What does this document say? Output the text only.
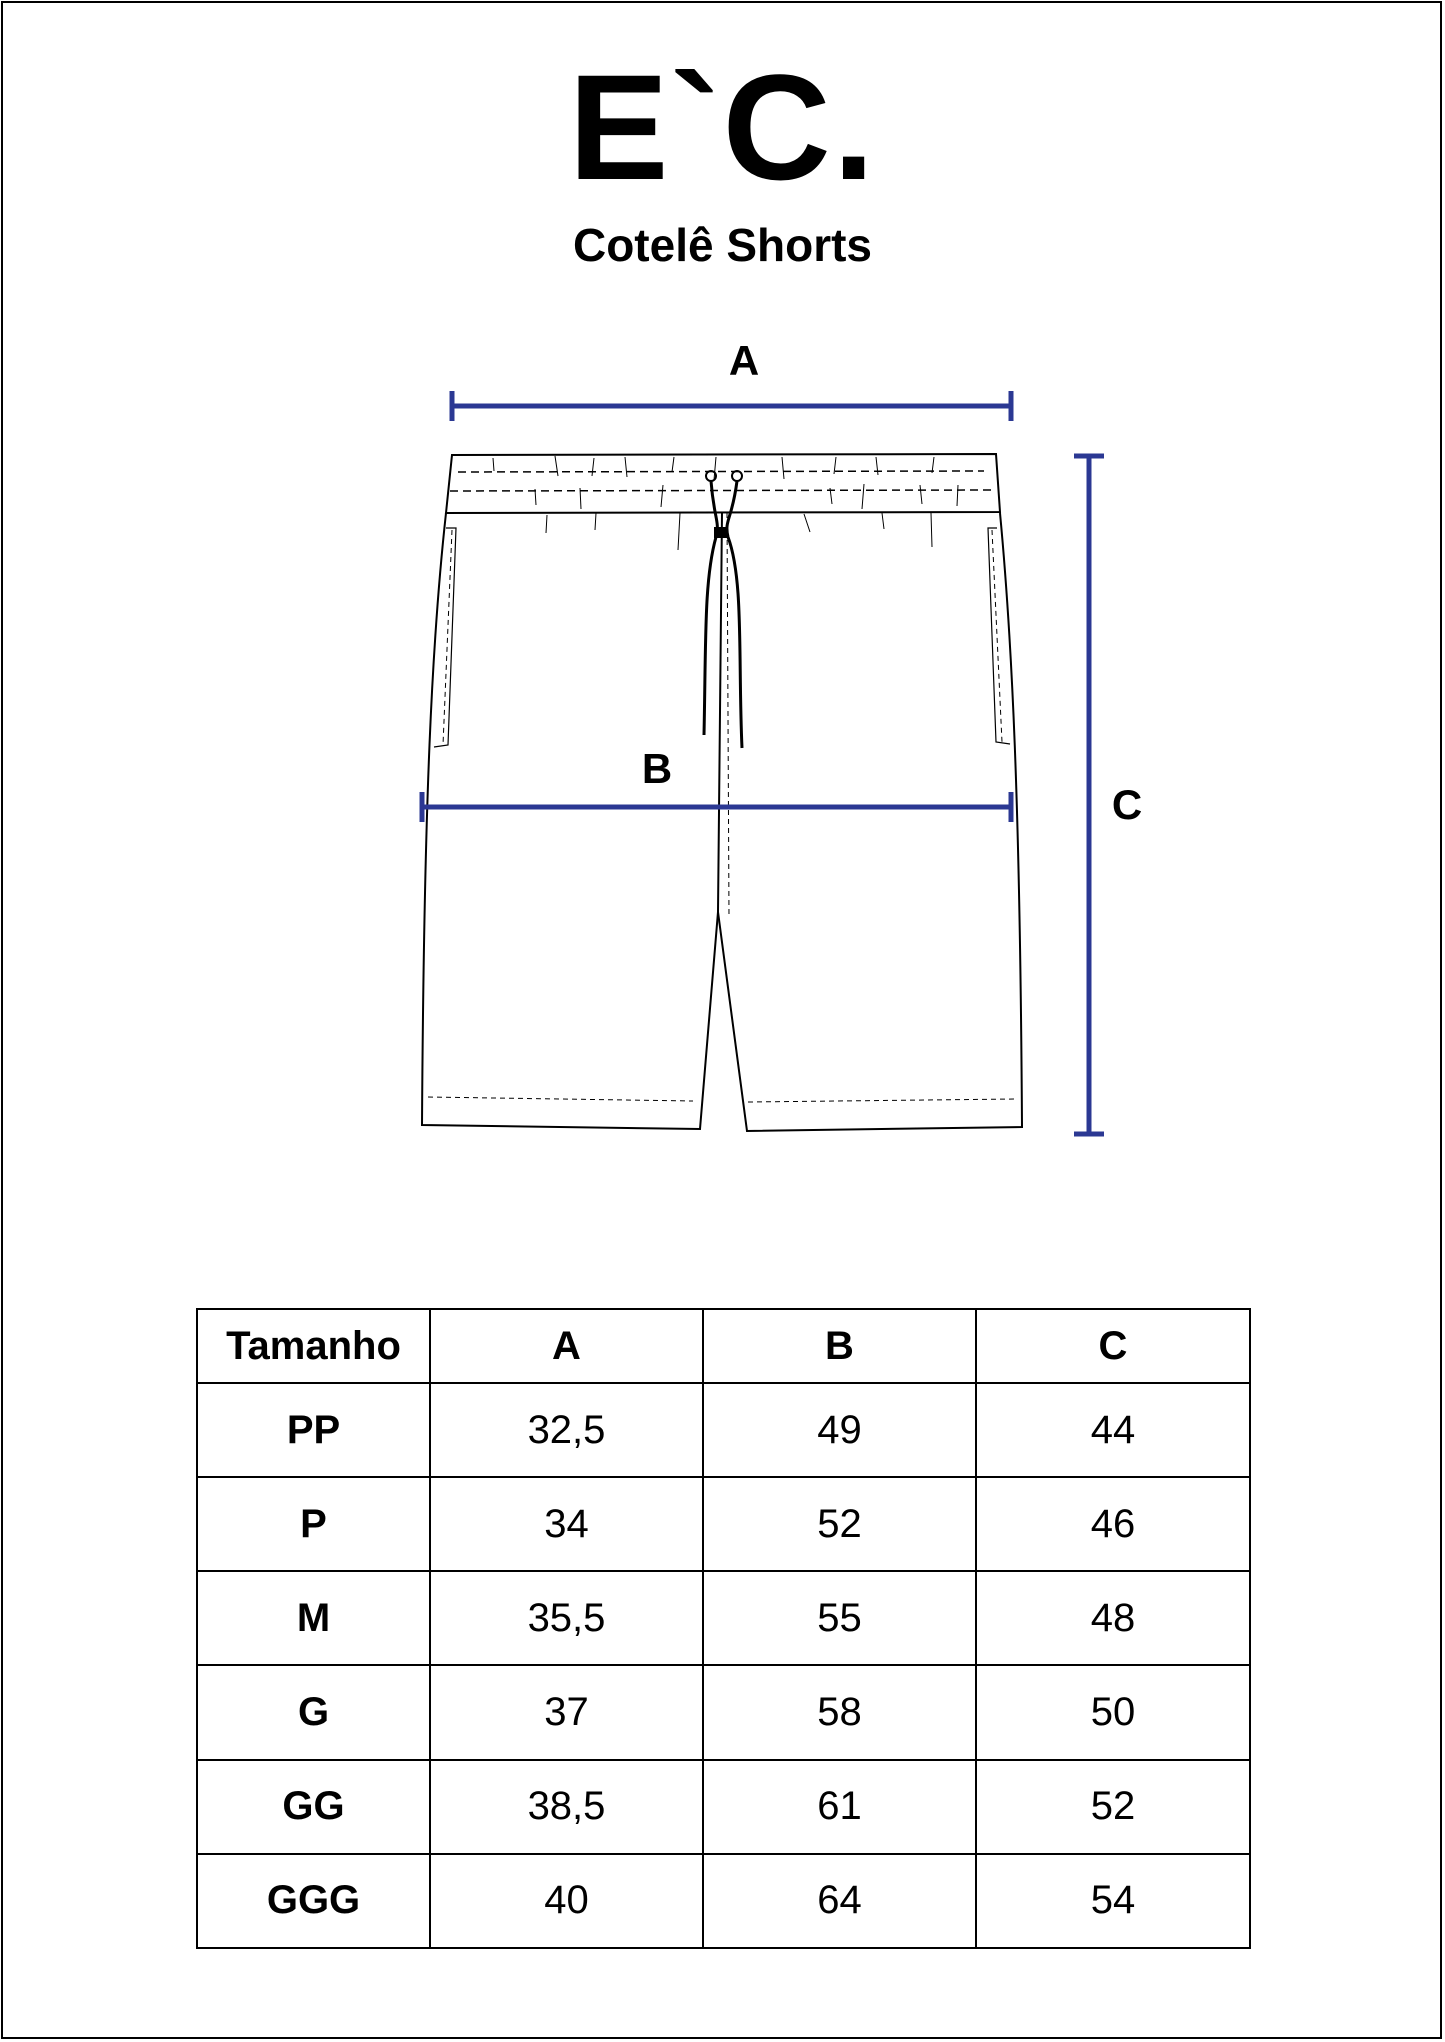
E`C.
Cotelê Shorts
A
B
C
Tamanho	A	B	C
PP	32,5	49	44
P	34	52	46
M	35,5	55	48
G	37	58	50
GG	38,5	61	52
GGG	40	64	54
